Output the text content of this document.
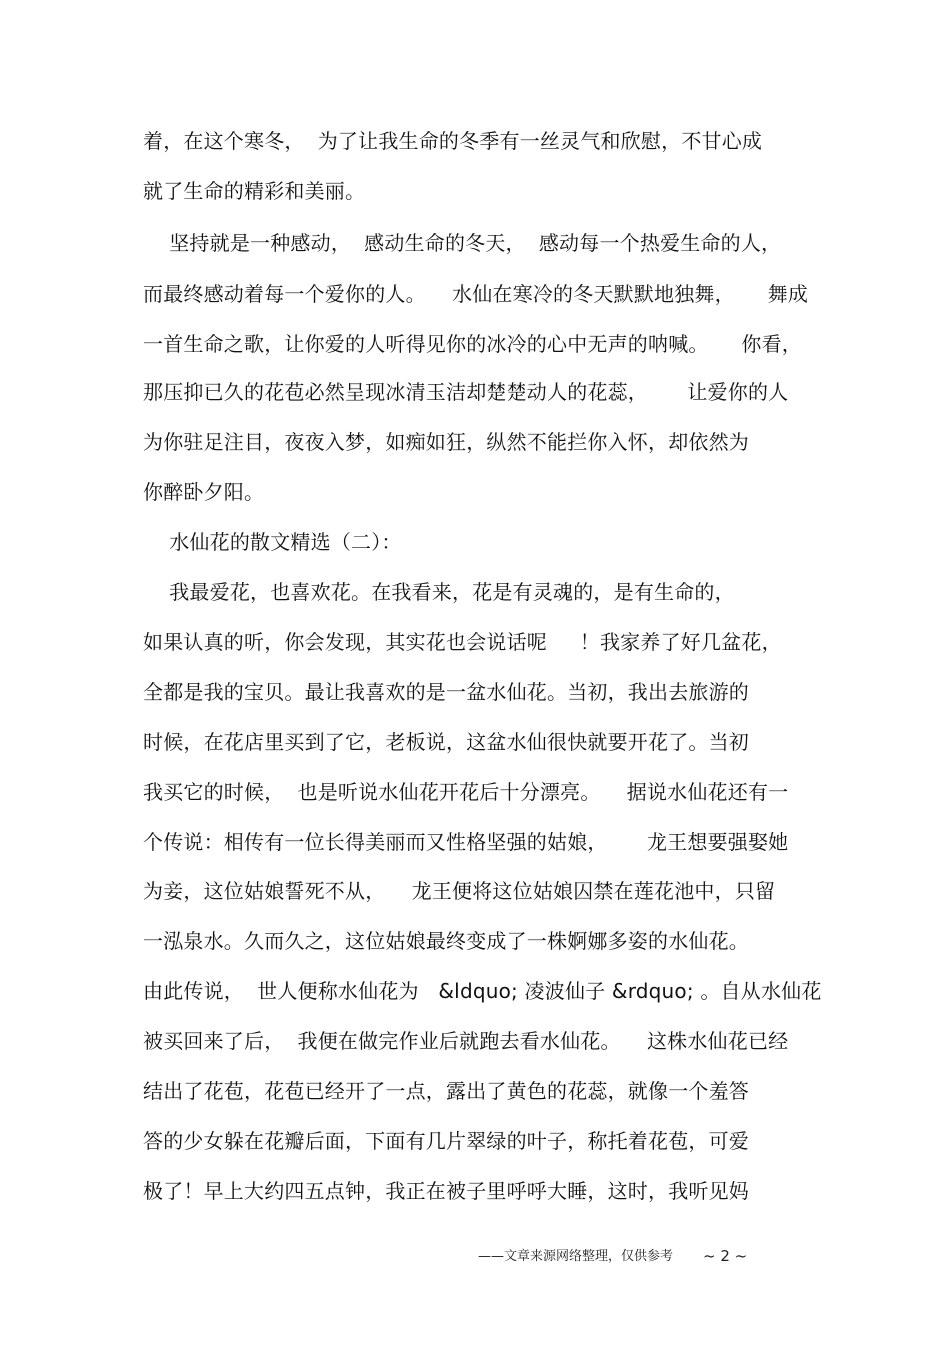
着，在这个寒冬，  为了让我生命的冬季有一丝灵气和欣慰，不甘心成
就了生命的精彩和美丽。
坚持就是一种感动，  感动生命的冬天，  感动每一个热爱生命的人，
而最终感动着每一个爱你的人。    水仙在寒冷的冬天默默地独舞，     舞成
一首生命之歌，让你爱的人听得见你的冰冷的心中无声的呐喊。     你看，
那压抑已久的花苞必然呈现冰清玉洁却楚楚动人的花蕊，      让爱你的人
为你驻足注目，夜夜入梦，如痴如狂，纵然不能拦你入怀，却依然为
你醉卧夕阳。
水仙花的散文精选（二）：
我最爱花，也喜欢花。在我看来，花是有灵魂的，是有生命的，
如果认真的听，你会发现，其实花也会说话呢     ！我家养了好几盆花，
全都是我的宝贝。最让我喜欢的是一盆水仙花。当初，我出去旅游的
时候，在花店里买到了它，老板说，这盆水仙很快就要开花了。当初
我买它的时候，  也是听说水仙花开花后十分漂亮。    据说水仙花还有一
个传说：相传有一位长得美丽而又性格坚强的姑娘，      龙王想要强娶她
为妾，这位姑娘誓死不从，    龙王便将这位姑娘囚禁在莲花池中，只留
一泓泉水。久而久之，这位姑娘最终变成了一株婀娜多姿的水仙花。
由此传说，  世人便称水仙花为   &ldquo; 凌波仙子 &rdquo; 。自从水仙花
被买回来了后，  我便在做完作业后就跑去看水仙花。    这株水仙花已经
结出了花苞，花苞已经开了一点，露出了黄色的花蕊，就像一个羞答
答的少女躲在花瓣后面，下面有几片翠绿的叶子，称托着花苞，可爱
极了！早上大约四五点钟，我正在被子里呼呼大睡，这时，我听见妈
——文章来源网络整理，仅供参考 ~ 2 ~
